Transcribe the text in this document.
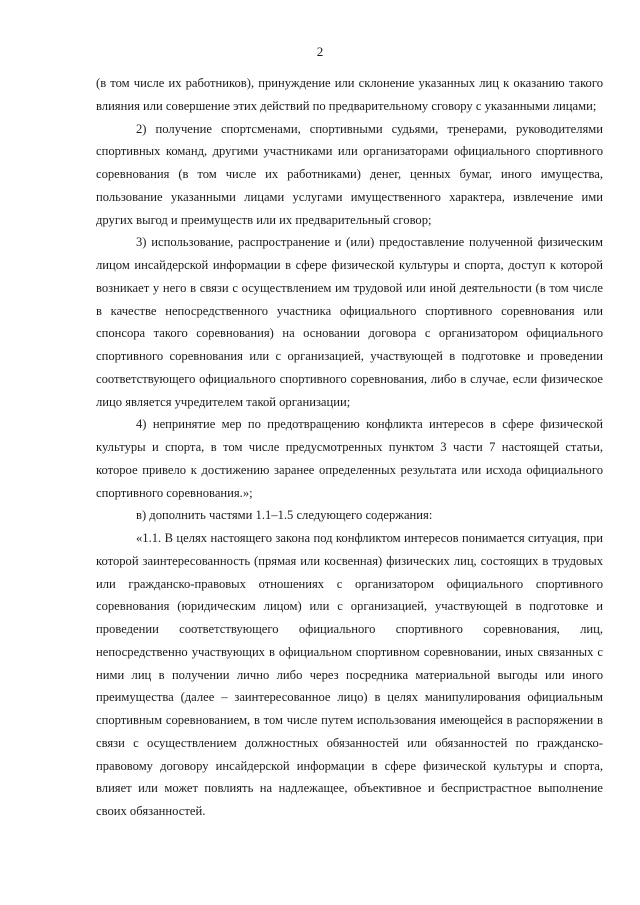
2

(в том числе их работников), принуждение или склонение указанных лиц к оказанию такого влияния или совершение этих действий по предварительному сговору с указанными лицами;

2) получение спортсменами, спортивными судьями, тренерами, руководителями спортивных команд, другими участниками или организаторами официального спортивного соревнования (в том числе их работниками) денег, ценных бумаг, иного имущества, пользование указанными лицами услугами имущественного характера, извлечение ими других выгод и преимуществ или их предварительный сговор;

3) использование, распространение и (или) предоставление полученной физическим лицом инсайдерской информации в сфере физической культуры и спорта, доступ к которой возникает у него в связи с осуществлением им трудовой или иной деятельности (в том числе в качестве непосредственного участника официального спортивного соревнования или спонсора такого соревнования) на основании договора с организатором официального спортивного соревнования или с организацией, участвующей в подготовке и проведении соответствующего официального спортивного соревнования, либо в случае, если физическое лицо является учредителем такой организации;

4) непринятие мер по предотвращению конфликта интересов в сфере физической культуры и спорта, в том числе предусмотренных пунктом 3 части 7 настоящей статьи, которое привело к достижению заранее определенных результата или исхода официального спортивного соревнования.»;

в) дополнить частями 1.1–1.5 следующего содержания:

«1.1. В целях настоящего закона под конфликтом интересов понимается ситуация, при которой заинтересованность (прямая или косвенная) физических лиц, состоящих в трудовых или гражданско-правовых отношениях с организатором официального спортивного соревнования (юридическим лицом) или с организацией, участвующей в подготовке и проведении соответствующего официального спортивного соревнования, лиц, непосредственно участвующих в официальном спортивном соревновании, иных связанных с ними лиц в получении лично либо через посредника материальной выгоды или иного преимущества (далее – заинтересованное лицо) в целях манипулирования официальным спортивным соревнованием, в том числе путем использования имеющейся в распоряжении в связи с осуществлением должностных обязанностей или обязанностей по гражданско-правовому договору инсайдерской информации в сфере физической культуры и спорта, влияет или может повлиять на надлежащее, объективное и беспристрастное выполнение своих обязанностей.
